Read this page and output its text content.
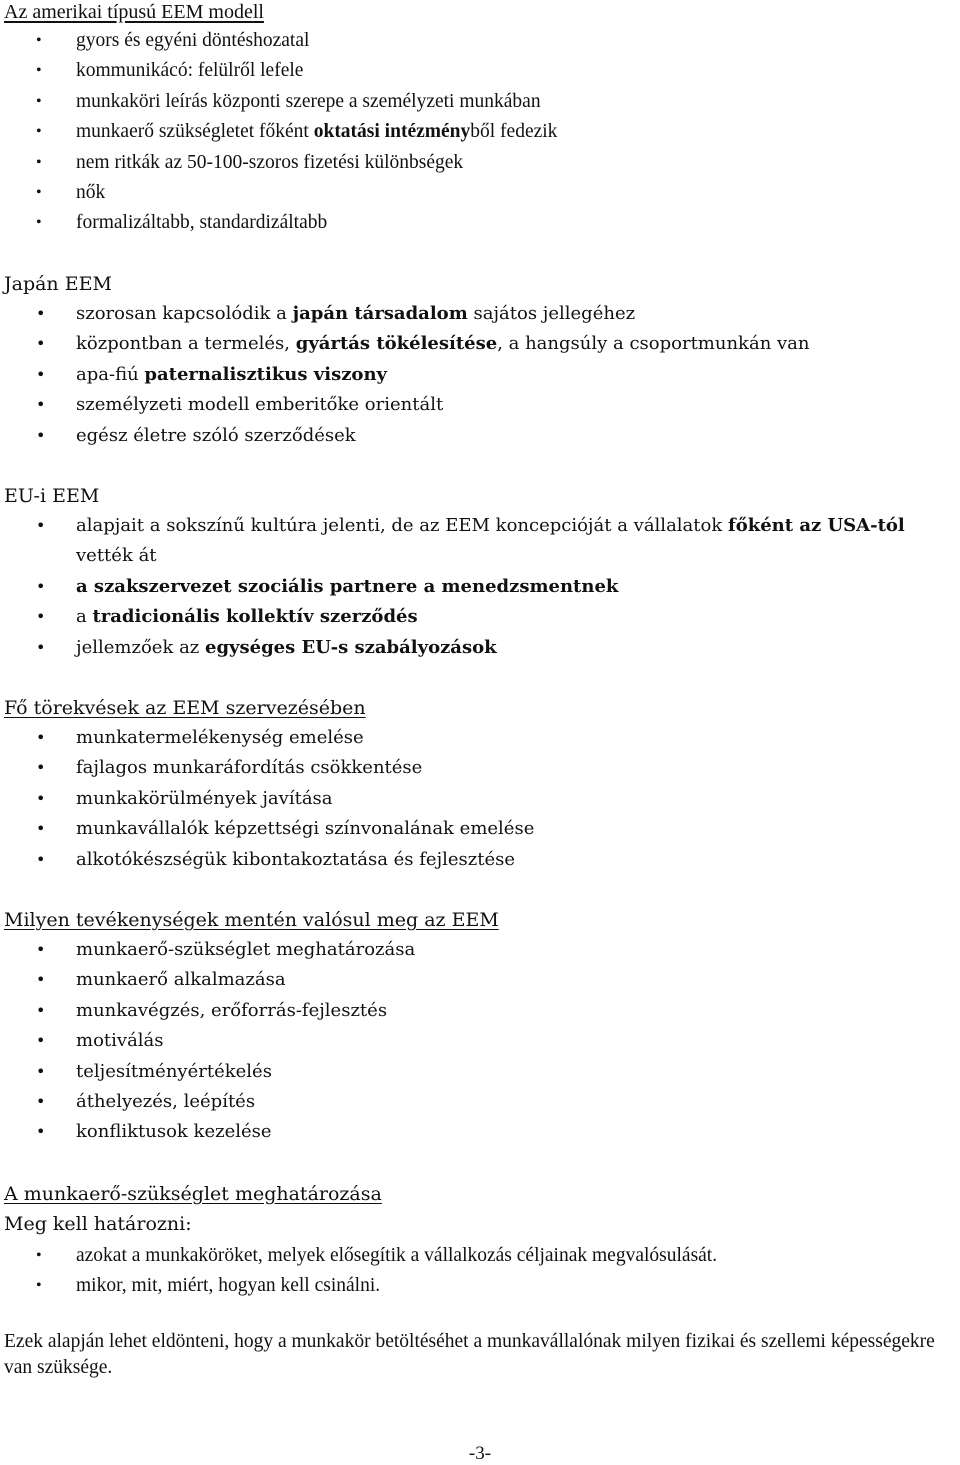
Az amerikai típusú EEM modell
• gyors és egyéni döntéshozatal
• kommunikácó: felülről lefele
• munkaköri leírás központi szerepe a személyzeti munkában
• munkaerő szükségletet főként oktatási intézményből fedezik
• nem ritkák az 50-100-szoros fizetési különbségek
• nők
• formalizáltabb, standardizáltabb
Japán EEM
• szorosan kapcsolódik a japán társadalom sajátos jellegéhez
• központban a termelés, gyártás tökélesítése, a hangsúly a csoportmunkán van
• apa-fiú paternalisztikus viszony
• személyzeti modell emberitőke orientált
• egész életre szóló szerződések
EU-i EEM
• alapjait a sokszínű kultúra jelenti, de az EEM koncepcióját a vállalatok főként az USA-tól vették át
• a szakszervezet szociális partnere a menedzsmentnek
• a tradicionális kollektív szerződés
• jellemzőek az egységes EU-s szabályozások
Fő törekvések az EEM szervezésében
• munkatermelékenység emelése
• fajlagos munkaráfordítás csökkentése
• munkakörülmények javítása
• munkavállalók képzettségi színvonalának emelése
• alkotókészségük kibontakoztatása és fejlesztése
Milyen tevékenységek mentén valósul meg az EEM
• munkaerő-szükséglet meghatározása
• munkaerő alkalmazása
• munkavégzés, erőforrás-fejlesztés
• motiválás
• teljesítményértékelés
• áthelyezés, leépítés
• konfliktusok kezelése
A munkaerő-szükséglet meghatározása
Meg kell határozni:
• azokat a munkaköröket, melyek elősegítik a vállalkozás céljainak megvalósulását.
• mikor, mit, miért, hogyan kell csinálni.

Ezek alapján lehet eldönteni, hogy a munkakör betöltéséhet a munkavállalónak milyen fizikai és szellemi képességekre van szüksége.

-3-
